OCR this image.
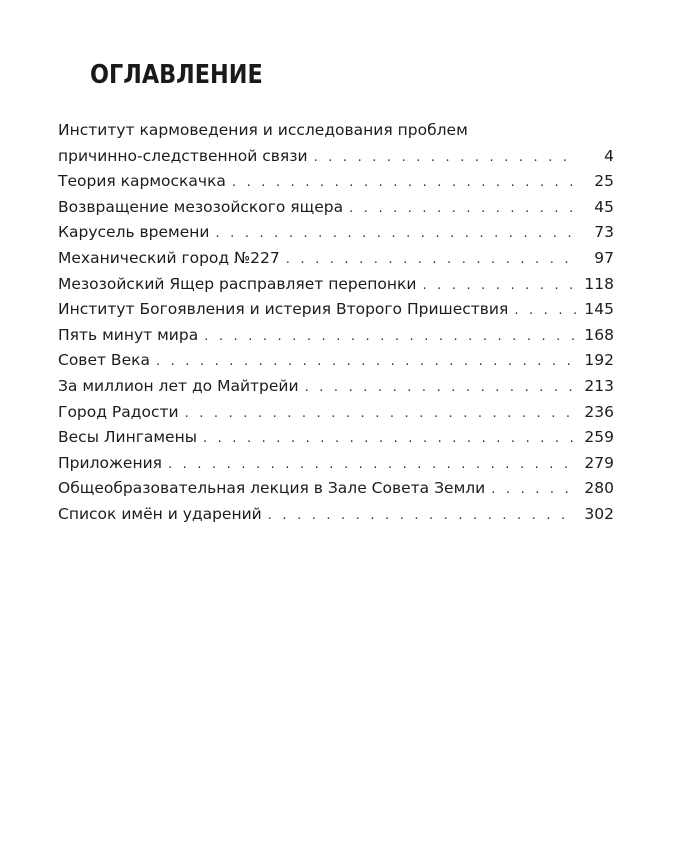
ОГЛАВЛЕНИЕ
Институт кармоведения и исследования проблем
причинно-следственной связи . . .	4
Теория кармоскачка . . .	25
Возвращение мезозойского ящера . . .	45
Карусель времени . . .	73
Механический город №227 . . .	97
Мезозойский Ящер расправляет перепонки . . .	118
Институт Богоявления и истерия Второго Пришествия . . .	145
Пять минут мира . . .	168
Совет Века . . .	192
За миллион лет до Майтрейи . . .	213
Город Радости . . .	236
Весы Лингамены . . .	259
Приложения . . .	279
Общеобразовательная лекция в Зале Совета Земли . . .	280
Список имён и ударений . . .	302
